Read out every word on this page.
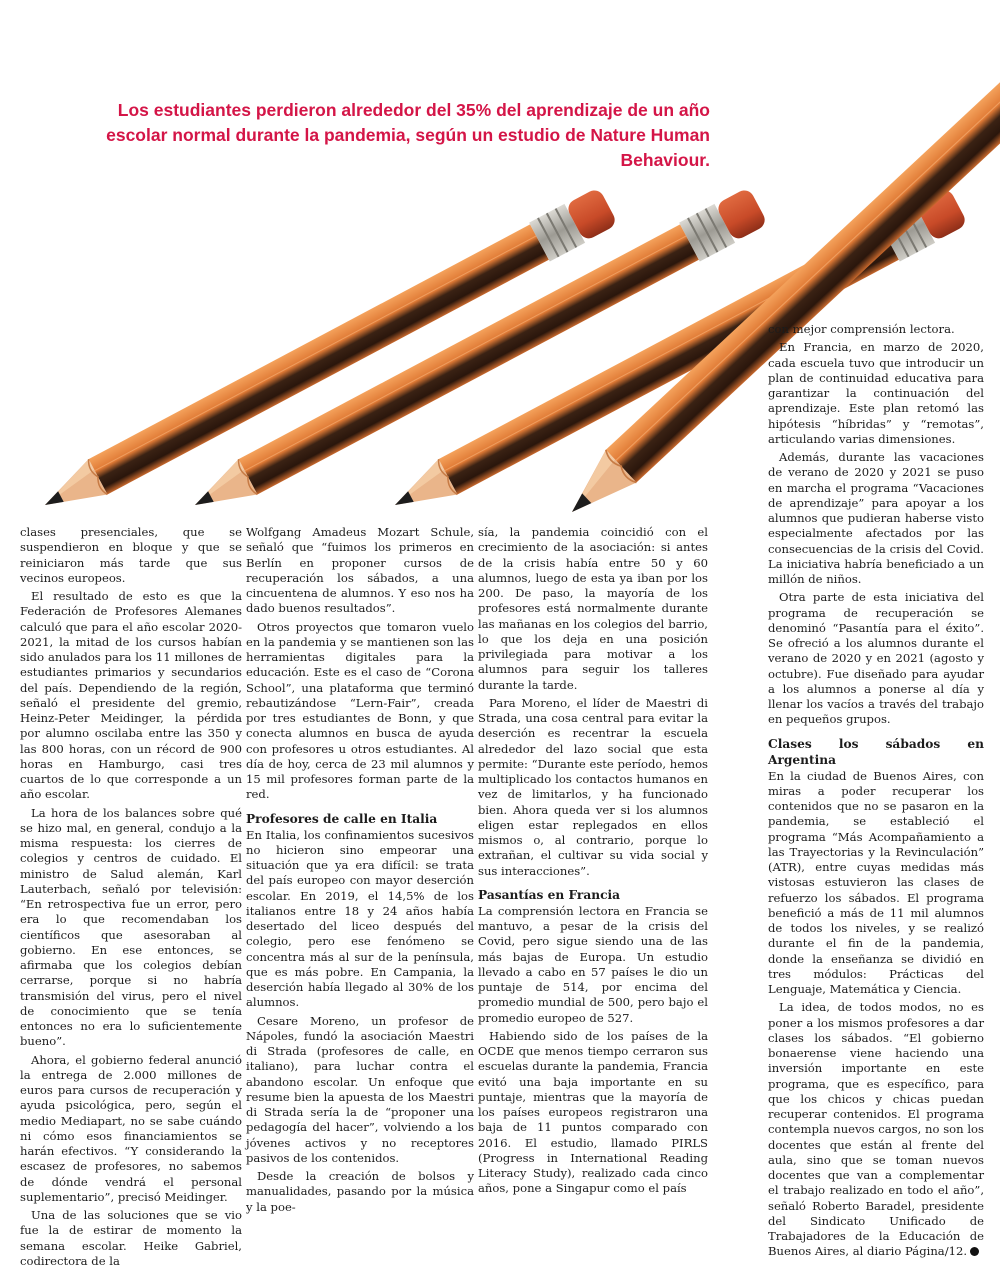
Los estudiantes perdieron alrededor del 35% del aprendizaje de un año escolar normal durante la pandemia, según un estudio de Nature Human Behaviour.

clases presenciales, que se suspendieron en bloque y que se reiniciaron más tarde que sus vecinos europeos.

El resultado de esto es que la Federación de Profesores Alemanes calculó que para el año escolar 2020-2021, la mitad de los cursos habían sido anulados para los 11 millones de estudiantes primarios y secundarios del país. Dependiendo de la región, señaló el presidente del gremio, Heinz-Peter Meidinger, la pérdida por alumno oscilaba entre las 350 y las 800 horas, con un récord de 900 horas en Hamburgo, casi tres cuartos de lo que corresponde a un año escolar.

La hora de los balances sobre qué se hizo mal, en general, condujo a la misma respuesta: los cierres de colegios y centros de cuidado. El ministro de Salud alemán, Karl Lauterbach, señaló por televisión: “En retrospectiva fue un error, pero era lo que recomendaban los científicos que asesoraban al gobierno. En ese entonces, se afirmaba que los colegios debían cerrarse, porque si no habría transmisión del virus, pero el nivel de conocimiento que se tenía entonces no era lo suficientemente bueno”.

Ahora, el gobierno federal anunció la entrega de 2.000 millones de euros para cursos de recuperación y ayuda psicológica, pero, según el medio Mediapart, no se sabe cuándo ni cómo esos financiamientos se harán efectivos. “Y considerando la escasez de profesores, no sabemos de dónde vendrá el personal suplementario”, precisó Meidinger.

Una de las soluciones que se vio fue la de estirar de momento la semana escolar. Heike Gabriel, codirectora de la

Wolfgang Amadeus Mozart Schule, señaló que “fuimos los primeros en Berlín en proponer cursos de recuperación los sábados, a una cincuentena de alumnos. Y eso nos ha dado buenos resultados”.

Otros proyectos que tomaron vuelo en la pandemia y se mantienen son las herramientas digitales para la educación. Este es el caso de “Corona School”, una plataforma que terminó rebautizándose “Lern-Fair”, creada por tres estudiantes de Bonn, y que conecta alumnos en busca de ayuda con profesores u otros estudiantes. Al día de hoy, cerca de 23 mil alumnos y 15 mil profesores forman parte de la red.

Profesores de calle en Italia

En Italia, los confinamientos sucesivos no hicieron sino empeorar una situación que ya era difícil: se trata del país europeo con mayor deserción escolar. En 2019, el 14,5% de los italianos entre 18 y 24 años había desertado del liceo después del colegio, pero ese fenómeno se concentra más al sur de la península, que es más pobre. En Campania, la deserción había llegado al 30% de los alumnos.

Cesare Moreno, un profesor de Nápoles, fundó la asociación Maestri di Strada (profesores de calle, en italiano), para luchar contra el abandono escolar. Un enfoque que resume bien la apuesta de los Maestri di Strada sería la de “proponer una pedagogía del hacer”, volviendo a los jóvenes activos y no receptores pasivos de los contenidos.

Desde la creación de bolsos y manualidades, pasando por la música y la poe-

sía, la pandemia coincidió con el crecimiento de la asociación: si antes de la crisis había entre 50 y 60 alumnos, luego de esta ya iban por los 200. De paso, la mayoría de los profesores está normalmente durante las mañanas en los colegios del barrio, lo que los deja en una posición privilegiada para motivar a los alumnos para seguir los talleres durante la tarde.

Para Moreno, el líder de Maestri di Strada, una cosa central para evitar la deserción es recentrar la escuela alrededor del lazo social que esta permite: “Durante este período, hemos multiplicado los contactos humanos en vez de limitarlos, y ha funcionado bien. Ahora queda ver si los alumnos eligen estar replegados en ellos mismos o, al contrario, porque lo extrañan, el cultivar su vida social y sus interacciones”.

Pasantías en Francia

La comprensión lectora en Francia se mantuvo, a pesar de la crisis del Covid, pero sigue siendo una de las más bajas de Europa. Un estudio llevado a cabo en 57 países le dio un puntaje de 514, por encima del promedio mundial de 500, pero bajo el promedio europeo de 527.

Habiendo sido de los países de la OCDE que menos tiempo cerraron sus escuelas durante la pandemia, Francia evitó una baja importante en su puntaje, mientras que la mayoría de los países europeos registraron una baja de 11 puntos comparado con 2016. El estudio, llamado PIRLS (Progress in International Reading Literacy Study), realizado cada cinco años, pone a Singapur como el país

con mejor comprensión lectora.

En Francia, en marzo de 2020, cada escuela tuvo que introducir un plan de continuidad educativa para garantizar la continuación del aprendizaje. Este plan retomó las hipótesis “híbridas” y “remotas”, articulando varias dimensiones.

Además, durante las vacaciones de verano de 2020 y 2021 se puso en marcha el programa “Vacaciones de aprendizaje” para apoyar a los alumnos que pudieran haberse visto especialmente afectados por las consecuencias de la crisis del Covid. La iniciativa habría beneficiado a un millón de niños.

Otra parte de esta iniciativa del programa de recuperación se denominó “Pasantía para el éxito”. Se ofreció a los alumnos durante el verano de 2020 y en 2021 (agosto y octubre). Fue diseñado para ayudar a los alumnos a ponerse al día y llenar los vacíos a través del trabajo en pequeños grupos.

Clases los sábados en Argentina

En la ciudad de Buenos Aires, con miras a poder recuperar los contenidos que no se pasaron en la pandemia, se estableció el programa “Más Acompañamiento a las Trayectorias y la Revinculación” (ATR), entre cuyas medidas más vistosas estuvieron las clases de refuerzo los sábados. El programa benefició a más de 11 mil alumnos de todos los niveles, y se realizó durante el fin de la pandemia, donde la enseñanza se dividió en tres módulos: Prácticas del Lenguaje, Matemática y Ciencia.

La idea, de todos modos, no es poner a los mismos profesores a dar clases los sábados. “El gobierno bonaerense viene haciendo una inversión importante en este programa, que es específico, para que los chicos y chicas puedan recuperar contenidos. El programa contempla nuevos cargos, no son los docentes que están al frente del aula, sino que se toman nuevos docentes que van a complementar el trabajo realizado en todo el año”, señaló Roberto Baradel, presidente del Sindicato Unificado de Trabajadores de la Educación de Buenos Aires, al diario Página/12.
